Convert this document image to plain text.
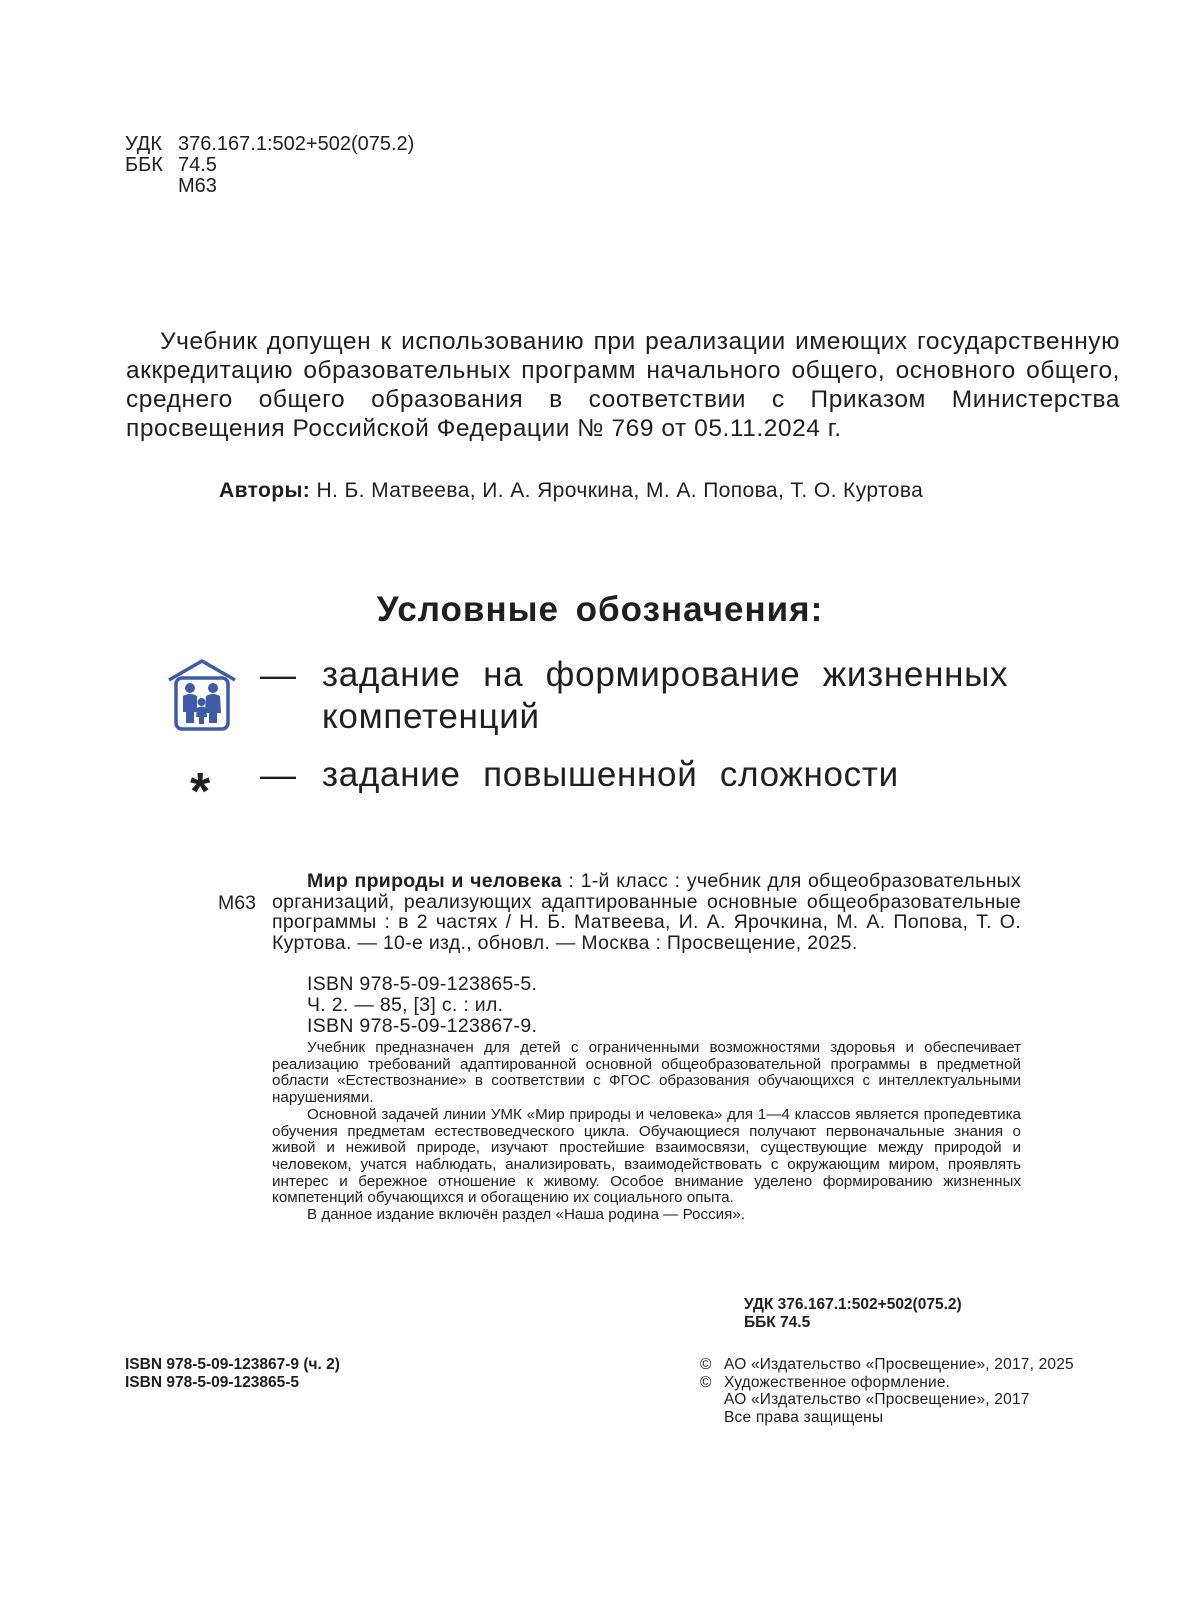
УДК 376.167.1:502+502(075.2)
ББК 74.5
М63
Учебник допущен к использованию при реализации имеющих государственную аккредитацию образовательных программ начального общего, основного общего, среднего общего образования в соответствии с Приказом Министерства просвещения Российской Федерации № 769 от 05.11.2024 г.
Авторы: Н. Б. Матвеева, И. А. Ярочкина, М. А. Попова, Т. О. Куртова
Условные обозначения:
— задание на формирование жизненных
компетенций
* — задание повышенной сложности
М63
Мир природы и человека : 1-й класс : учебник для общеобразовательных организаций, реализующих адаптированные основные общеобразовательные программы : в 2 частях / Н. Б. Матвеева, И. А. Ярочкина, М. А. Попова, Т. О. Куртова. — 10-е изд., обновл. — Москва : Просвещение, 2025.
ISBN 978-5-09-123865-5.
Ч. 2. — 85, [3] с. : ил.
ISBN 978-5-09-123867-9.

Учебник предназначен для детей с ограниченными возможностями здоровья и обеспечивает реализацию требований адаптированной основной общеобразовательной программы в предметной области «Естествознание» в соответствии с ФГОС образования обучающихся с интеллектуальными нарушениями.

Основной задачей линии УМК «Мир природы и человека» для 1—4 классов является пропедевтика обучения предметам естествоведческого цикла. Обучающиеся получают первоначальные знания о живой и неживой природе, изучают простейшие взаимосвязи, существующие между природой и человеком, учатся наблюдать, анализировать, взаимодействовать с окружающим миром, проявлять интерес и бережное отношение к живому. Особое внимание уделено формированию жизненных компетенций обучающихся и обогащению их социального опыта.

В данное издание включён раздел «Наша родина — Россия».

УДК 376.167.1:502+502(075.2)
ББК 74.5
ISBN 978-5-09-123867-9 (ч. 2)
ISBN 978-5-09-123865-5
© АО «Издательство «Просвещение», 2017, 2025
© Художественное оформление.
АО «Издательство «Просвещение», 2017
Все права защищены
